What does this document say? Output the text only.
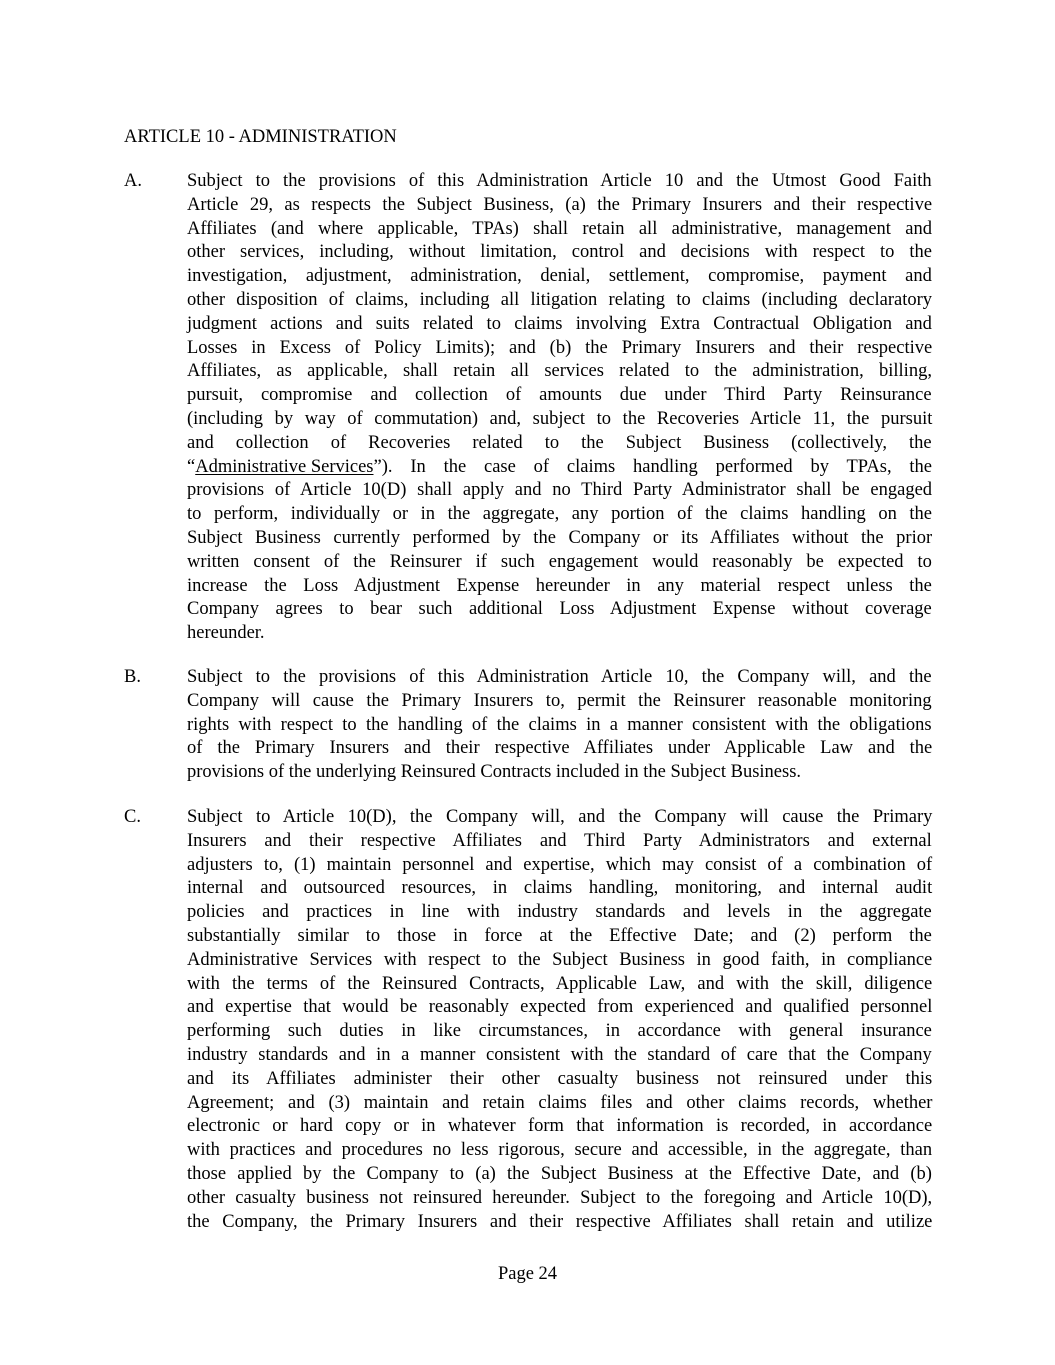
ARTICLE 10 - ADMINISTRATION
A. Subject to the provisions of this Administration Article 10 and the Utmost Good Faith
Article 29, as respects the Subject Business, (a) the Primary Insurers and their respective
Affiliates (and where applicable, TPAs) shall retain all administrative, management and
other services, including, without limitation, control and decisions with respect to the
investigation, adjustment, administration, denial, settlement, compromise, payment and
other disposition of claims, including all litigation relating to claims (including declaratory
judgment actions and suits related to claims involving Extra Contractual Obligation and
Losses in Excess of Policy Limits); and (b) the Primary Insurers and their respective
Affiliates, as applicable, shall retain all services related to the administration, billing,
pursuit, compromise and collection of amounts due under Third Party Reinsurance
(including by way of commutation) and, subject to the Recoveries Article 11, the pursuit
and collection of Recoveries related to the Subject Business (collectively, the
“Administrative Services ”). In the case of claims handling performed by TPAs, the
provisions of Article 10(D) shall apply and no Third Party Administrator shall be engaged
to perform, individually or in the aggregate, any portion of the claims handling on the
Subject Business currently performed by the Company or its Affiliates without the prior
written consent of the Reinsurer if such engagement would reasonably be expected to
increase the Loss Adjustment Expense hereunder in any material respect unless the
Company agrees to bear such additional Loss Adjustment Expense without coverage
hereunder.
B. Subject to the provisions of this Administration Article 10, the Company will, and the
Company will cause the Primary Insurers to, permit the Reinsurer reasonable monitoring
rights with respect to the handling of the claims in a manner consistent with the obligations
of the Primary Insurers and their respective Affiliates under Applicable Law and the
provisions of the underlying Reinsured Contracts included in the Subject Business.
C. Subject to Article 10(D), the Company will, and the Company will cause the Primary
Insurers and their respective Affiliates and Third Party Administrators and external
adjusters to, (1) maintain personnel and expertise, which may consist of a combination of
internal and outsourced resources, in claims handling, monitoring, and internal audit
policies and practices in line with industry standards and levels in the aggregate
substantially similar to those in force at the Effective Date; and (2) perform the
Administrative Services with respect to the Subject Business in good faith, in compliance
with the terms of the Reinsured Contracts, Applicable Law, and with the skill, diligence
and expertise that would be reasonably expected from experienced and qualified personnel
performing such duties in like circumstances, in accordance with general insurance
industry standards and in a manner consistent with the standard of care that the Company
and its Affiliates administer their other casualty business not reinsured under this
Agreement; and (3) maintain and retain claims files and other claims records, whether
electronic or hard copy or in whatever form that information is recorded, in accordance
with practices and procedures no less rigorous, secure and accessible, in the aggregate, than
those applied by the Company to (a) the Subject Business at the Effective Date, and (b)
other casualty business not reinsured hereunder. Subject to the foregoing and Article 10(D),
the Company, the Primary Insurers and their respective Affiliates shall retain and utilize
Page 24
